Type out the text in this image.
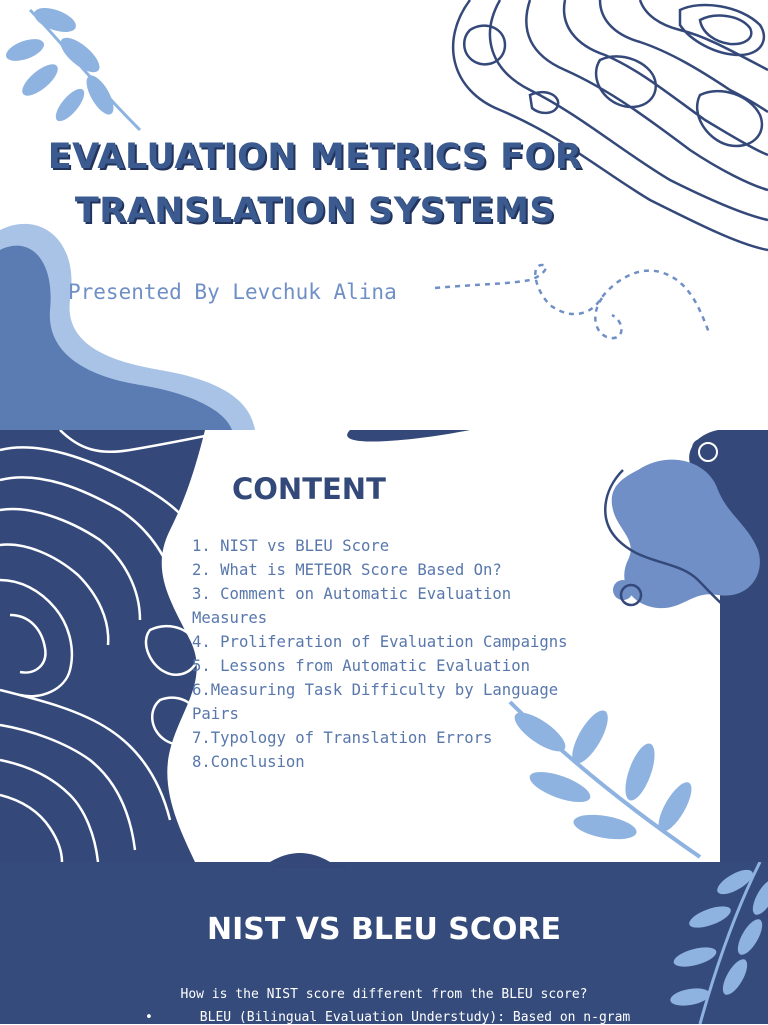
EVALUATION METRICS FOR
TRANSLATION SYSTEMS
Presented By Levchuk Alina
CONTENT
1. NIST vs BLEU Score
2. What is METEOR Score Based On?
3. Comment on Automatic Evaluation Measures
4. Proliferation of Evaluation Campaigns
5. Lessons from Automatic Evaluation
6.Measuring Task Difficulty by Language Pairs
7.Typology of Translation Errors
8.Conclusion
NIST VS BLEU SCORE
How is the NIST score different from the BLEU score?
•      BLEU (Bilingual Evaluation Understudy): Based on n-gram
